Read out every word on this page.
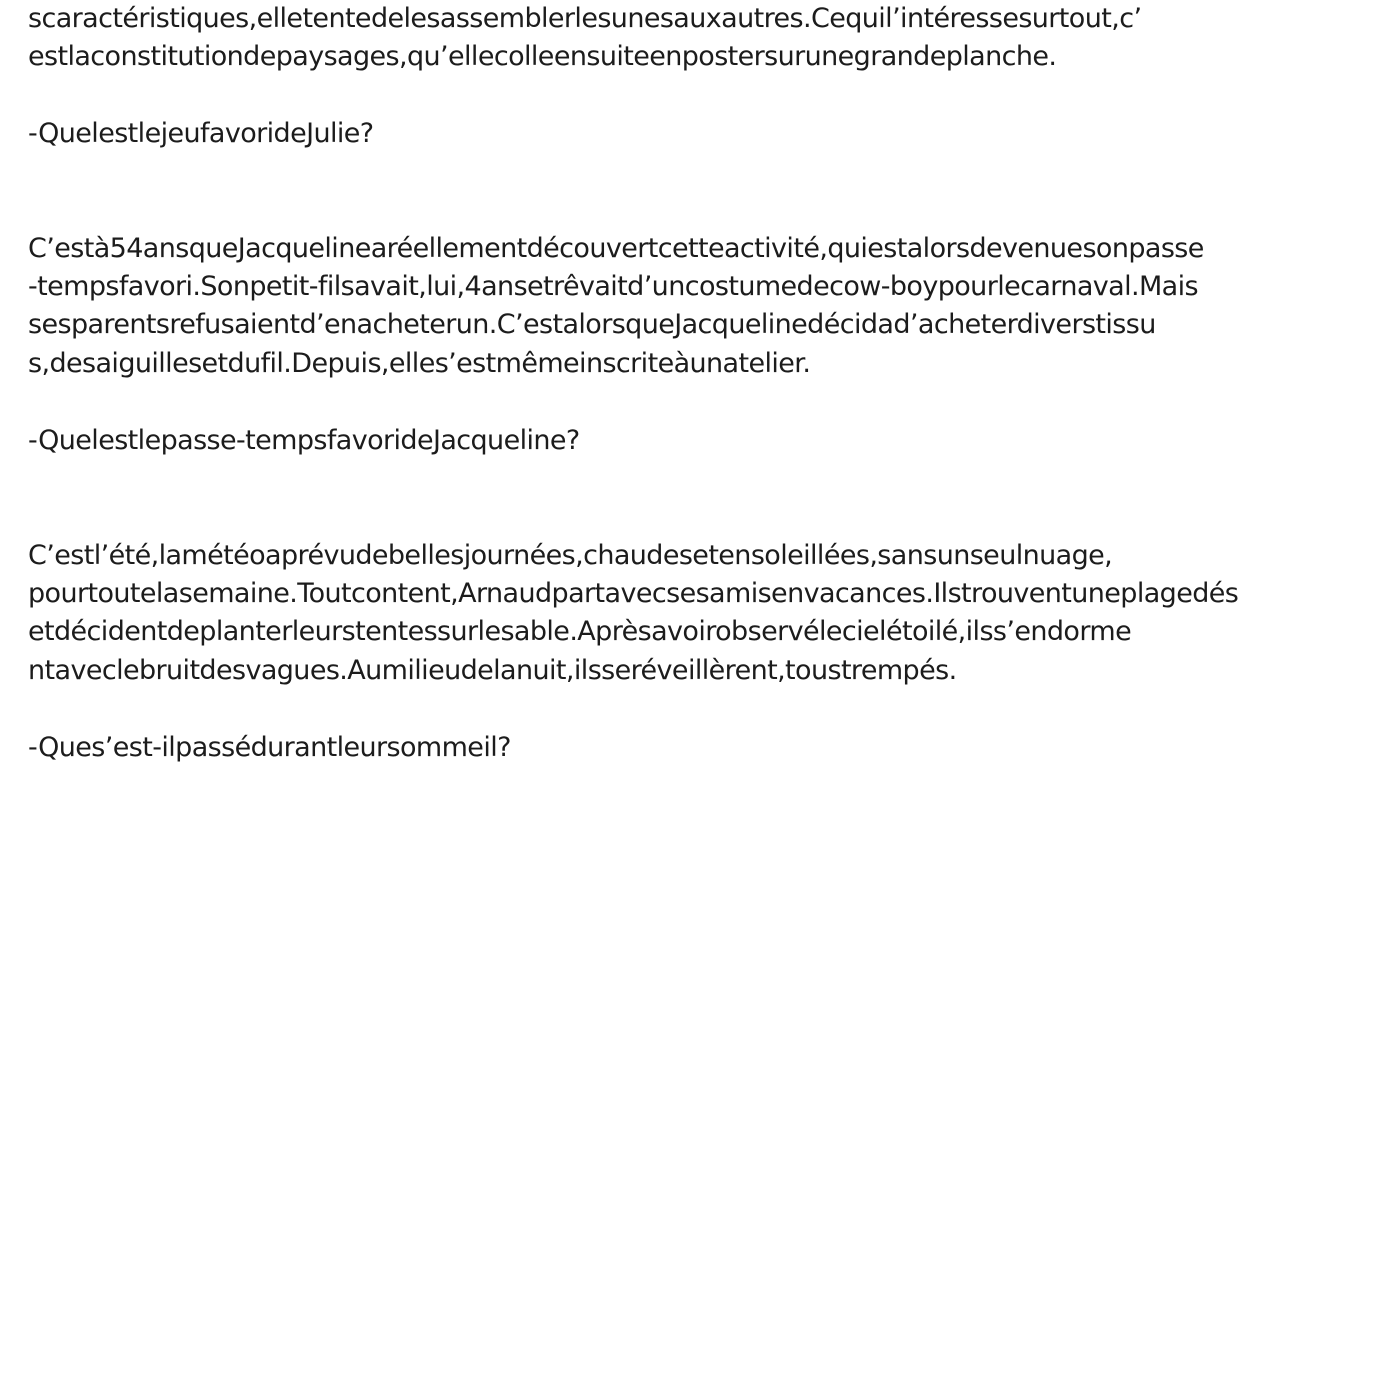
scaractéristiques,elletentedelesassemblerlesunesauxautres.Cequil’intéressesurtout,c’
estlaconstitutiondepaysages,qu’ellecolleensuiteenpostersurunegrandeplanche.
-QuelestlejeufavorideJulie?
C’està54ansqueJacquelinearéellementdécouvertcetteactivité,quiestalorsdevenuesonpasse
-tempsfavori.Sonpetit-filsavait,lui,4ansetrêvaitd’uncostumedecow-boypourlecarnaval.Mais
sesparentsrefusaientd’enacheterun.C’estalorsqueJacquelinedécidad’acheterdiverstissu
s,desaiguillesetdufil.Depuis,elles’estmêmeinscriteàunatelier.
-Quelestlepasse-tempsfavorideJacqueline?
C’estl’été,lamétéoaprévudebellesjournées,chaudesetensoleillées,sansunseulnuage,
pourtoutelasemaine.Toutcontent,Arnaudpartavecsesamisenvacances.Ilstrouventuneplagedés
etdécidentdeplanterleurstentessurlesable.Aprèsavoirobservélecielétoilé,ilss’endorme
ntaveclebruitdesvagues.Aumilieudelanuit,ilsseréveillèrent,toustrempés.
-Ques’est-ilpassédurantleursommeil?
